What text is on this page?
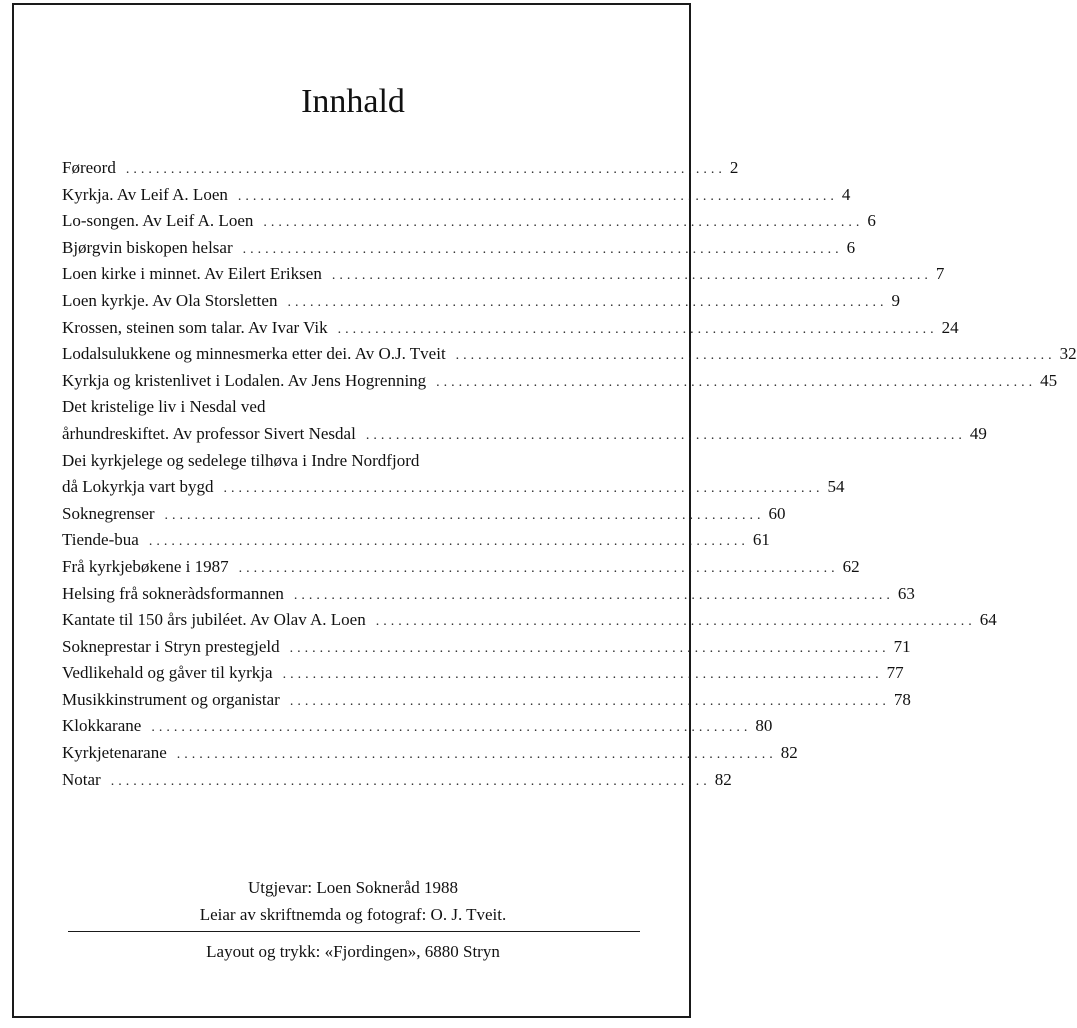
Innhald
Føreord ................................................................................ 2
Kyrkja. Av Leif A. Loen ................................................................................ 4
Lo-songen. Av Leif A. Loen ................................................................................ 6
Bjørgvin biskopen helsar ................................................................................ 6
Loen kirke i minnet. Av Eilert Eriksen ................................................................................ 7
Loen kyrkje. Av Ola Storsletten ................................................................................ 9
Krossen, steinen som talar. Av Ivar Vik ................................................................................ 24
Lodalsulukkene og minnesmerka etter dei. Av O.J. Tveit ................................................................................ 32
Kyrkja og kristenlivet i Lodalen. Av Jens Hogrenning ................................................................................ 45
Det kristelige liv i Nesdal ved
århundreskiftet. Av professor Sivert Nesdal ................................................................................ 49
Dei kyrkjelege og sedelege tilhøva i Indre Nordfjord
då Lokyrkja vart bygd ................................................................................ 54
Soknegrenser ................................................................................ 60
Tiende-bua ................................................................................ 61
Frå kyrkjebøkene i 1987 ................................................................................ 62
Helsing frå sokneràdsformannen ................................................................................ 63
Kantate til 150 års jubiléet. Av Olav A. Loen ................................................................................ 64
Sokneprestar i Stryn prestegjeld ................................................................................ 71
Vedlikehald og gåver til kyrkja ................................................................................ 77
Musikkinstrument og organistar ................................................................................ 78
Klokkarane ................................................................................ 80
Kyrkjetenarane ................................................................................ 82
Notar ................................................................................ 82
Utgjevar: Loen Sokneråd 1988
Leiar av skriftnemda og fotograf: O. J. Tveit.
Layout og trykk: «Fjordingen», 6880 Stryn
